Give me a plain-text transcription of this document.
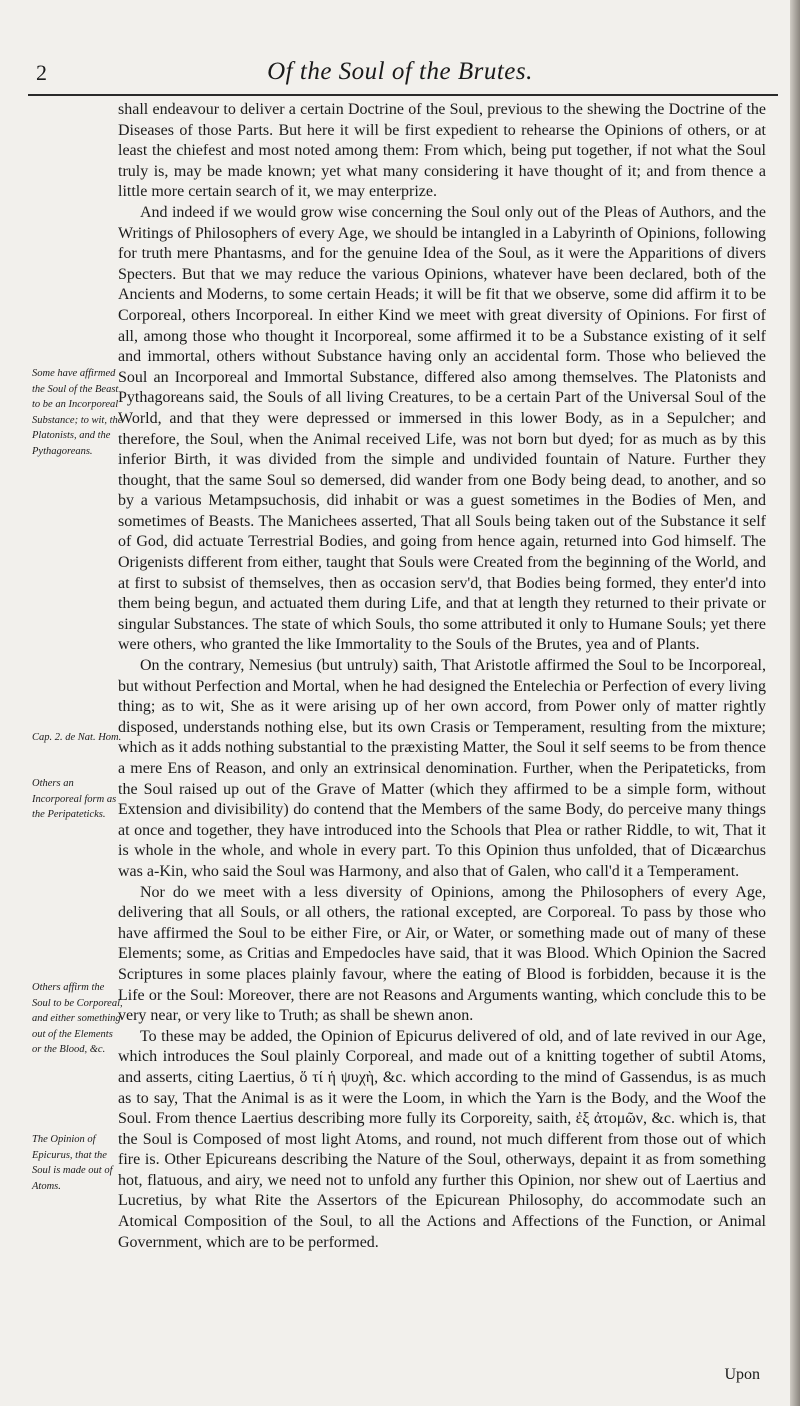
2	Of the Soul of the Brutes.
Some have affirmed the Soul of the Beast to be an Incorporeal Substance; to wit, the Platonists, and the Pythagoreans.
Cap. 2. de Nat. Hom.
Others an Incorporeal form as the Peripateticks.
Others affirm the Soul to be Corporeal, and either something out of the Elements or the Blood, &c.
The Opinion of Epicurus, that the Soul is made out of Atoms.

shall endeavour to deliver a certain Doctrine of the Soul, previous to the shewing the Doctrine of the Diseases of those Parts. But here it will be first expedient to rehearse the Opinions of others, or at least the chiefest and most noted among them: From which, being put together, if not what the Soul truly is, may be made known; yet what many considering it have thought of it; and from thence a little more certain search of it, we may enterprize.

And indeed if we would grow wise concerning the Soul only out of the Pleas of Authors, and the Writings of Philosophers of every Age, we should be intangled in a Labyrinth of Opinions, following for truth mere Phantasms, and for the genuine Idea of the Soul, as it were the Apparitions of divers Specters. But that we may reduce the various Opinions, whatever have been declared, both of the Ancients and Moderns, to some certain Heads; it will be fit that we observe, some did affirm it to be Corporeal, others Incorporeal. In either Kind we meet with great diversity of Opinions. For first of all, among those who thought it Incorporeal, some affirmed it to be a Substance existing of it self and immortal, others without Substance having only an accidental form. Those who believed the Soul an Incorporeal and Immortal Substance, differed also among themselves. The Platonists and Pythagoreans said, the Souls of all living Creatures, to be a certain Part of the Universal Soul of the World, and that they were depressed or immersed in this lower Body, as in a Sepulcher; and therefore, the Soul, when the Animal received Life, was not born but dyed; for as much as by this inferior Birth, it was divided from the simple and undivided fountain of Nature. Further they thought, that the same Soul so demersed, did wander from one Body being dead, to another, and so by a various Metampsuchosis, did inhabit or was a guest sometimes in the Bodies of Men, and sometimes of Beasts. The Manichees asserted, That all Souls being taken out of the Substance it self of God, did actuate Terrestrial Bodies, and going from hence again, returned into God himself. The Origenists different from either, taught that Souls were Created from the beginning of the World, and at first to subsist of themselves, then as occasion serv'd, that Bodies being formed, they enter'd into them being begun, and actuated them during Life, and that at length they returned to their private or singular Substances. The state of which Souls, tho some attributed it only to Humane Souls; yet there were others, who granted the like Immortality to the Souls of the Brutes, yea and of Plants.

On the contrary, Nemesius (but untruly) saith, That Aristotle affirmed the Soul to be Incorporeal, but without Perfection and Mortal, when he had designed the Entelechia or Perfection of every living thing; as to wit, She as it were arising up of her own accord, from Power only of matter rightly disposed, understands nothing else, but its own Crasis or Temperament, resulting from the mixture; which as it adds nothing substantial to the præxisting Matter, the Soul it self seems to be from thence a mere Ens of Reason, and only an extrinsical denomination. Further, when the Peripateticks, from the Soul raised up out of the Grave of Matter (which they affirmed to be a simple form, without Extension and divisibility) do contend that the Members of the same Body, do perceive many things at once and together, they have introduced into the Schools that Plea or rather Riddle, to wit, That it is whole in the whole, and whole in every part. To this Opinion thus unfolded, that of Dicæarchus was a-Kin, who said the Soul was Harmony, and also that of Galen, who call'd it a Temperament.

Nor do we meet with a less diversity of Opinions, among the Philosophers of every Age, delivering that all Souls, or all others, the rational excepted, are Corporeal. To pass by those who have affirmed the Soul to be either Fire, or Air, or Water, or something made out of many of these Elements; some, as Critias and Empedocles have said, that it was Blood. Which Opinion the Sacred Scriptures in some places plainly favour, where the eating of Blood is forbidden, because it is the Life or the Soul: Moreover, there are not Reasons and Arguments wanting, which conclude this to be very near, or very like to Truth; as shall be shewn anon.

To these may be added, the Opinion of Epicurus delivered of old, and of late revived in our Age, which introduces the Soul plainly Corporeal, and made out of a knitting together of subtil Atoms, and asserts, citing Laertius, ὅ τί ἡ ψυχὴ, &c. which according to the mind of Gassendus, is as much as to say, That the Animal is as it were the Loom, in which the Yarn is the Body, and the Woof the Soul. From thence Laertius describing more fully its Corporeity, saith, ἐξ ἀτομῶν, &c. which is, that the Soul is Composed of most light Atoms, and round, not much different from those out of which fire is. Other Epicureans describing the Nature of the Soul, otherways, depaint it as from something hot, flatuous, and airy, we need not to unfold any further this Opinion, nor shew out of Laertius and Lucretius, by what Rite the Assertors of the Epicurean Philosophy, do accommodate such an Atomical Composition of the Soul, to all the Actions and Affections of the Function, or Animal Government, which are to be performed.

Upon
